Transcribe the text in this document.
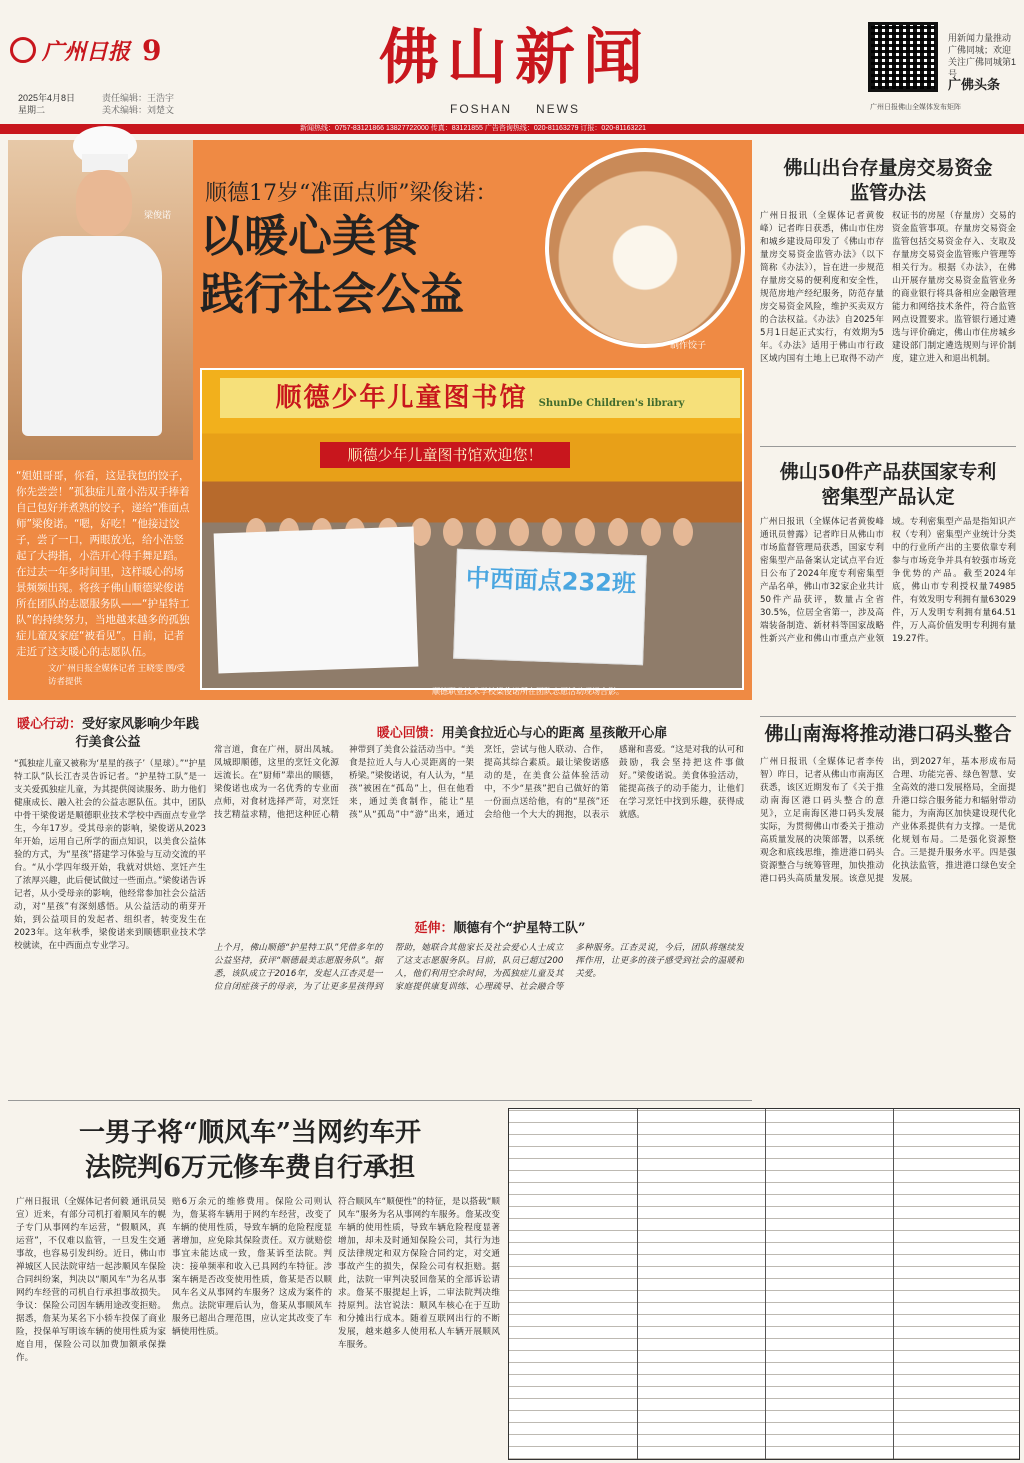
广州日报 9	佛山新闻
FOSHAN NEWS
2025年4月8日
星期二
责任编辑：王浩宇
美术编辑：刘楚文
用新闻力量推动广佛同城；欢迎关注广佛同城第1号
广佛头条
广州日报佛山全媒体发布矩阵
新闻热线：0757-83121866 13827722000 传真：83121855 广告咨询热线：020-81163279 订报：020-81163221
梁俊诺
顺德17岁“准面点师”梁俊诺：
以暖心美食
践行社会公益
制作饺子
顺德少年儿童图书馆 ShunDe Children's library
顺德少年儿童图书馆欢迎您！
中西面点232班
顺德职业技术学校梁俊诺所在团队志愿活动现场合影。
“姐姐哥哥，你看，这是我包的饺子，你先尝尝！”孤独症儿童小浩双手捧着自己包好并煮熟的饺子，递给“准面点师”梁俊诺。“嗯，好吃！”他接过饺子，尝了一口，两眼放光，给小浩竖起了大拇指，小浩开心得手舞足蹈。在过去一年多时间里，这样暖心的场景频频出现。将孩子佛山顺德梁俊诺所在团队的志愿服务队——“护星特工队”的持续努力，当地越来越多的孤独症儿童及家庭“被看见”。日前，记者走近了这支暖心的志愿队伍。
文/广州日报全媒体记者 王晓雯 图/受访者提供
暖心行动：受好家风影响少年践行美食公益
“孤独症儿童又被称为‘星星的孩子’（星球）。”“护星特工队”队长江杏灵告诉记者。“护星特工队”是一支关爱孤独症儿童，为其提供阅读服务、助力他们健康成长、融入社会的公益志愿队伍。其中，团队中骨干梁俊诺是顺德职业技术学校中西面点专业学生，今年17岁。受其母亲的影响，梁俊诺从2023年开始，运用自己所学的面点知识，以美食公益体验的方式，为“星孩”搭建学习体验与互动交流的平台。“从小学四年级开始，我就对烘焙、烹饪产生了浓厚兴趣，此后便试做过一些面点。”梁俊诺告诉记者，从小受母亲的影响，他经常参加社会公益活动，对“星孩”有深刻感悟。从公益活动的萌芽开始，到公益项目的发起者、组织者，转变发生在2023年。这年秋季，梁俊诺来到顺德职业技术学校就读，在中西面点专业学习。
暖心回馈：用美食拉近心与心的距离 星孩敞开心扉
常言道，食在广州，厨出凤城。凤城即顺德，这里的烹饪文化源远流长。在“厨师”辈出的顺德，梁俊诺也成为一名优秀的专业面点师，对食材选择严苛，对烹饪技艺精益求精，他把这种匠心精神带到了美食公益活动当中。“美食是拉近人与人心灵距离的一架桥梁。”梁俊诺说，有人认为，“星孩”被困在“孤岛”上，但在他看来，通过美食制作，能让“星孩”从“孤岛”中“游”出来，通过烹饪，尝试与他人联动、合作，提高其综合素质。最让梁俊诺感动的是，在美食公益体验活动中，不少“星孩”把自己做好的第一份面点送给他，有的“星孩”还会给他一个大大的拥抱，以表示感谢和喜爱。“这是对我的认可和鼓励，我会坚持把这件事做好。”梁俊诺说。美食体验活动，能提高孩子的动手能力，让他们在学习烹饪中找到乐趣，获得成就感。
延伸：顺德有个“护星特工队”
上个月，佛山顺德“护星特工队”凭借多年的公益坚持，获评“顺德最美志愿服务队”。据悉，该队成立于2016年，发起人江杏灵是一位自闭症孩子的母亲，为了让更多星孩得到帮助，她联合其他家长及社会爱心人士成立了这支志愿服务队。目前，队员已超过200人，他们利用空余时间，为孤独症儿童及其家庭提供康复训练、心理疏导、社会融合等多种服务。江杏灵说，今后，团队将继续发挥作用，让更多的孩子感受到社会的温暖和关爱。
佛山出台存量房交易资金
监管办法
广州日报讯（全媒体记者黄俊峰）记者昨日获悉，佛山市住房和城乡建设局印发了《佛山市存量房交易资金监管办法》（以下简称《办法》），旨在进一步规范存量房交易的便利度和安全性，规范房地产经纪服务，防范存量房交易资金风险，维护买卖双方的合法权益。《办法》自2025年5月1日起正式实行，有效期为5年。《办法》适用于佛山市行政区域内国有土地上已取得不动产权证书的房屋（存量房）交易的资金监管事项。存量房交易资金监管包括交易资金存入、支取及存量房交易资金监管账户管理等相关行为。根据《办法》，在佛山开展存量房交易资金监管业务的商业银行将具备相应金融管理能力和网络技术条件，符合监管网点设置要求。监管银行通过遴选与评价确定，佛山市住房城乡建设部门制定遴选规则与评价制度，建立进入和退出机制。
佛山50件产品获国家专利
密集型产品认定
广州日报讯（全媒体记者黄俊峰 通讯员曾露）记者昨日从佛山市市场监督管理局获悉，国家专利密集型产品备案认定试点平台近日公布了2024年度专利密集型产品名单，佛山市32家企业共计50件产品获评，数量占全省30.5%，位居全省第一，涉及高端装备制造、新材料等国家战略性新兴产业和佛山市重点产业领域。专利密集型产品是指知识产权（专利）密集型产业统计分类中的行业所产出的主要依靠专利参与市场竞争并具有较强市场竞争优势的产品。截至2024年底，佛山市专利授权量74985件，有效发明专利拥有量63029件，万人发明专利拥有量64.51件，万人高价值发明专利拥有量19.27件。
佛山南海将推动港口码头整合
广州日报讯（全媒体记者李传智）昨日，记者从佛山市南海区获悉，该区近期发布了《关于推动南海区港口码头整合的意见》，立足南海区港口码头发展实际，为贯彻佛山市委关于推动高质量发展的决策部署，以系统观念和底线思维，推进港口码头资源整合与统筹管理，加快推动港口码头高质量发展。该意见提出，到2027年，基本形成布局合理、功能完善、绿色智慧、安全高效的港口发展格局，全面提升港口综合服务能力和辐射带动能力，为南海区加快建设现代化产业体系提供有力支撑。一是优化规划布局。二是强化资源整合。三是提升服务水平。四是强化执法监管，推进港口绿色安全发展。
一男子将“顺风车”当网约车开
法院判6万元修车费自行承担
广州日报讯（全媒体记者何毅 通讯员吴宣）近来，有部分司机打着顺风车的幌子专门从事网约车运营，“假顺风，真运营”，不仅难以监管，一旦发生交通事故，也容易引发纠纷。近日，佛山市禅城区人民法院审结一起涉顺风车保险合同纠纷案，判决以“顺风车”为名从事网约车经营的司机自行承担事故损失。争议：保险公司因车辆用途改变拒赔。据悉，詹某为某名下小轿车投保了商业险，投保单写明该车辆的使用性质为家庭自用，保险公司以加费加额承保操作。
赔6万余元的维修费用。保险公司则认为，詹某将车辆用于网约车经营，改变了车辆的使用性质，导致车辆的危险程度显著增加，应免除其保险责任。双方就赔偿事宜未能达成一致，詹某诉至法院。判决：接单频率和收入已具网约车特征。涉案车辆是否改变使用性质，詹某是否以顺风车名义从事网约车服务？这成为案件的焦点。法院审理后认为，詹某从事顺风车服务已超出合理范围，应认定其改变了车辆使用性质。
符合顺风车“顺便性”的特征，是以搭载“顺风车”服务为名从事网约车服务。詹某改变车辆的使用性质，导致车辆危险程度显著增加，却未及时通知保险公司，其行为违反法律规定和双方保险合同约定，对交通事故产生的损失，保险公司有权拒赔。据此，法院一审判决驳回詹某的全部诉讼请求。詹某不服提起上诉，二审法院判决维持原判。法官说法：顺风车核心在于互助和分摊出行成本。随着互联网出行的不断发展，越来越多人使用私人车辆开展顺风车服务。
